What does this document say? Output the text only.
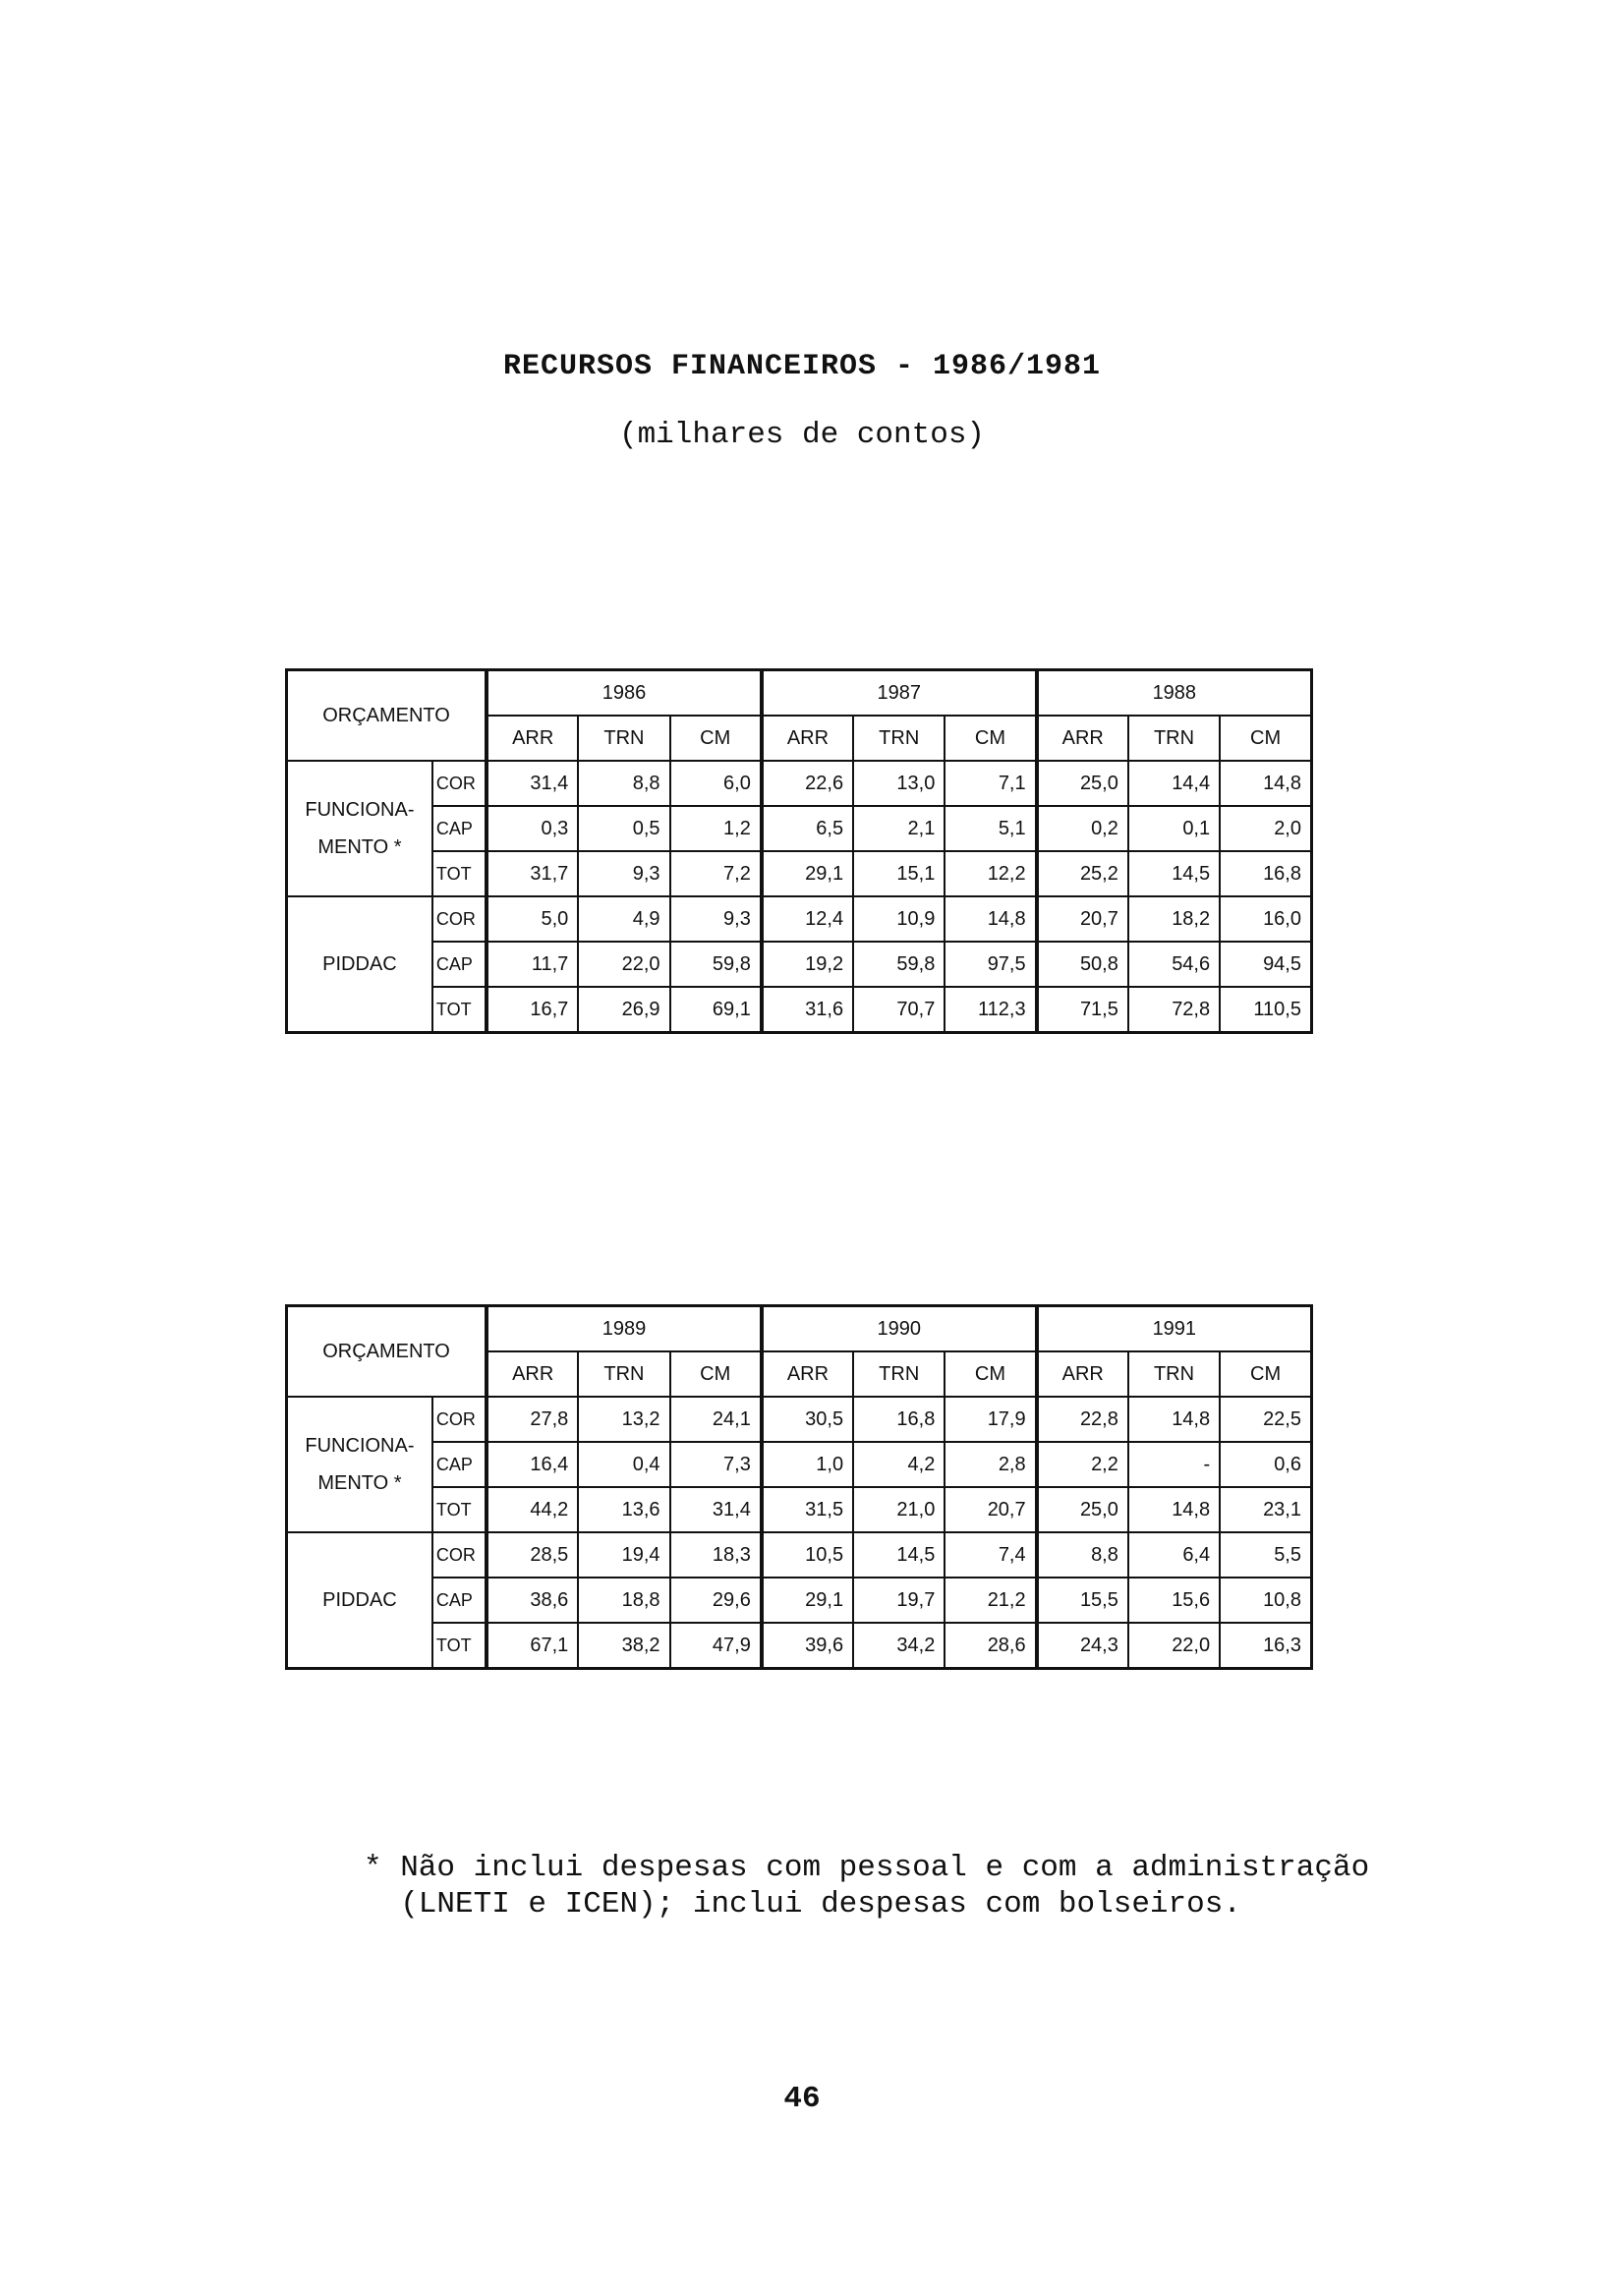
RECURSOS FINANCEIROS - 1986/1981
(milhares de contos)
ORÇAMENTO		1986			1987			1988		
		ARR	TRN	CM	ARR	TRN	CM	ARR	TRN	CM
FUNCIONA-
MENTO *	COR	31,4	8,8	6,0	22,6	13,0	7,1	25,0	14,4	14,8
	CAP	0,3	0,5	1,2	6,5	2,1	5,1	0,2	0,1	2,0
	TOT	31,7	9,3	7,2	29,1	15,1	12,2	25,2	14,5	16,8
PIDDAC	COR	5,0	4,9	9,3	12,4	10,9	14,8	20,7	18,2	16,0
	CAP	11,7	22,0	59,8	19,2	59,8	97,5	50,8	54,6	94,5
	TOT	16,7	26,9	69,1	31,6	70,7	112,3	71,5	72,8	110,5
ORÇAMENTO		1989			1990			1991		
		ARR	TRN	CM	ARR	TRN	CM	ARR	TRN	CM
FUNCIONA-
MENTO *	COR	27,8	13,2	24,1	30,5	16,8	17,9	22,8	14,8	22,5
	CAP	16,4	0,4	7,3	1,0	4,2	2,8	2,2	-	0,6
	TOT	44,2	13,6	31,4	31,5	21,0	20,7	25,0	14,8	23,1
PIDDAC	COR	28,5	19,4	18,3	10,5	14,5	7,4	8,8	6,4	5,5
	CAP	38,6	18,8	29,6	29,1	19,7	21,2	15,5	15,6	10,8
	TOT	67,1	38,2	47,9	39,6	34,2	28,6	24,3	22,0	16,3
* Não inclui despesas com pessoal e com a administração
(LNETI e ICEN); inclui despesas com bolseiros.
46
